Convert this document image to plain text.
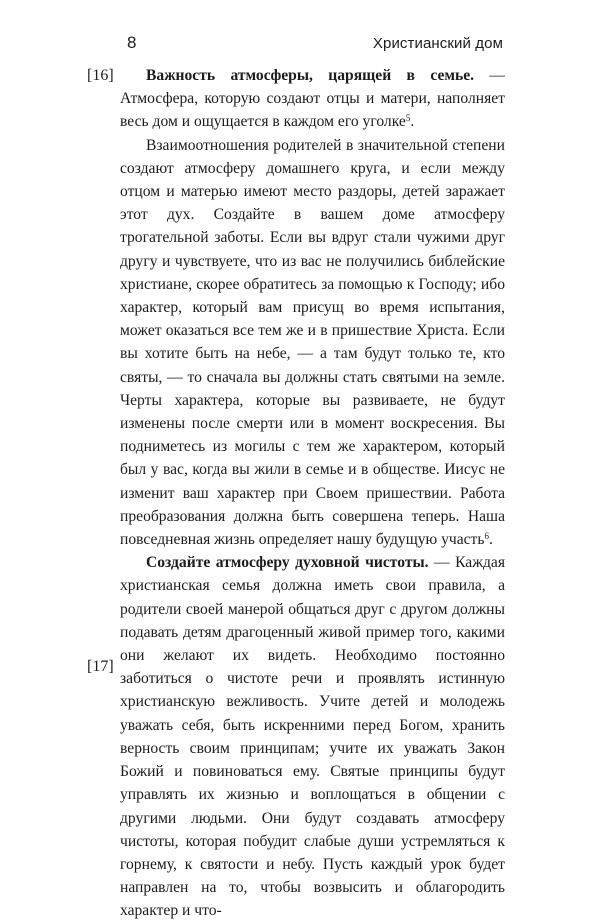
8	Христианский дом
[16]
[17]

Важность атмосферы, царящей в семье. — Атмосфера, которую создают отцы и матери, наполняет весь дом и ощущается в каждом его уголке$^5$.

Взаимоотношения родителей в значительной степени создают атмосферу домашнего круга, и если между отцом и матерью имеют место раздоры, детей заражает этот дух. Создайте в вашем доме атмосферу трогательной заботы. Если вы вдруг стали чужими друг другу и чувствуете, что из вас не получились библейские христиане, скорее обратитесь за помощью к Господу; ибо характер, который вам присущ во время испытания, может оказаться все тем же и в пришествие Христа. Если вы хотите быть на небе, — а там будут только те, кто святы, — то сначала вы должны стать святыми на земле. Черты характера, которые вы развиваете, не будут изменены после смерти или в момент воскресения. Вы подниметесь из могилы с тем же характером, который был у вас, когда вы жили в семье и в обществе. Иисус не изменит ваш характер при Своем пришествии. Работа преобразования должна быть совершена теперь. Наша повседневная жизнь определяет нашу будущую участь$^6$.

Создайте атмосферу духовной чистоты. — Каждая христианская семья должна иметь свои правила, а родители своей манерой общаться друг с другом должны подавать детям драгоценный живой пример того, какими они желают их видеть. Необходимо постоянно заботиться о чистоте речи и проявлять истинную христианскую вежливость. Учите детей и молодежь уважать себя, быть искренними перед Богом, хранить верность своим принципам; учите их уважать Закон Божий и повиноваться ему. Святые принципы будут управлять их жизнью и воплощаться в общении с другими людьми. Они будут создавать атмосферу чистоты, которая побудит слабые души устремляться к горнему, к святости и небу. Пусть каждый урок будет направлен на то, чтобы возвысить и облагородить характер и что-
